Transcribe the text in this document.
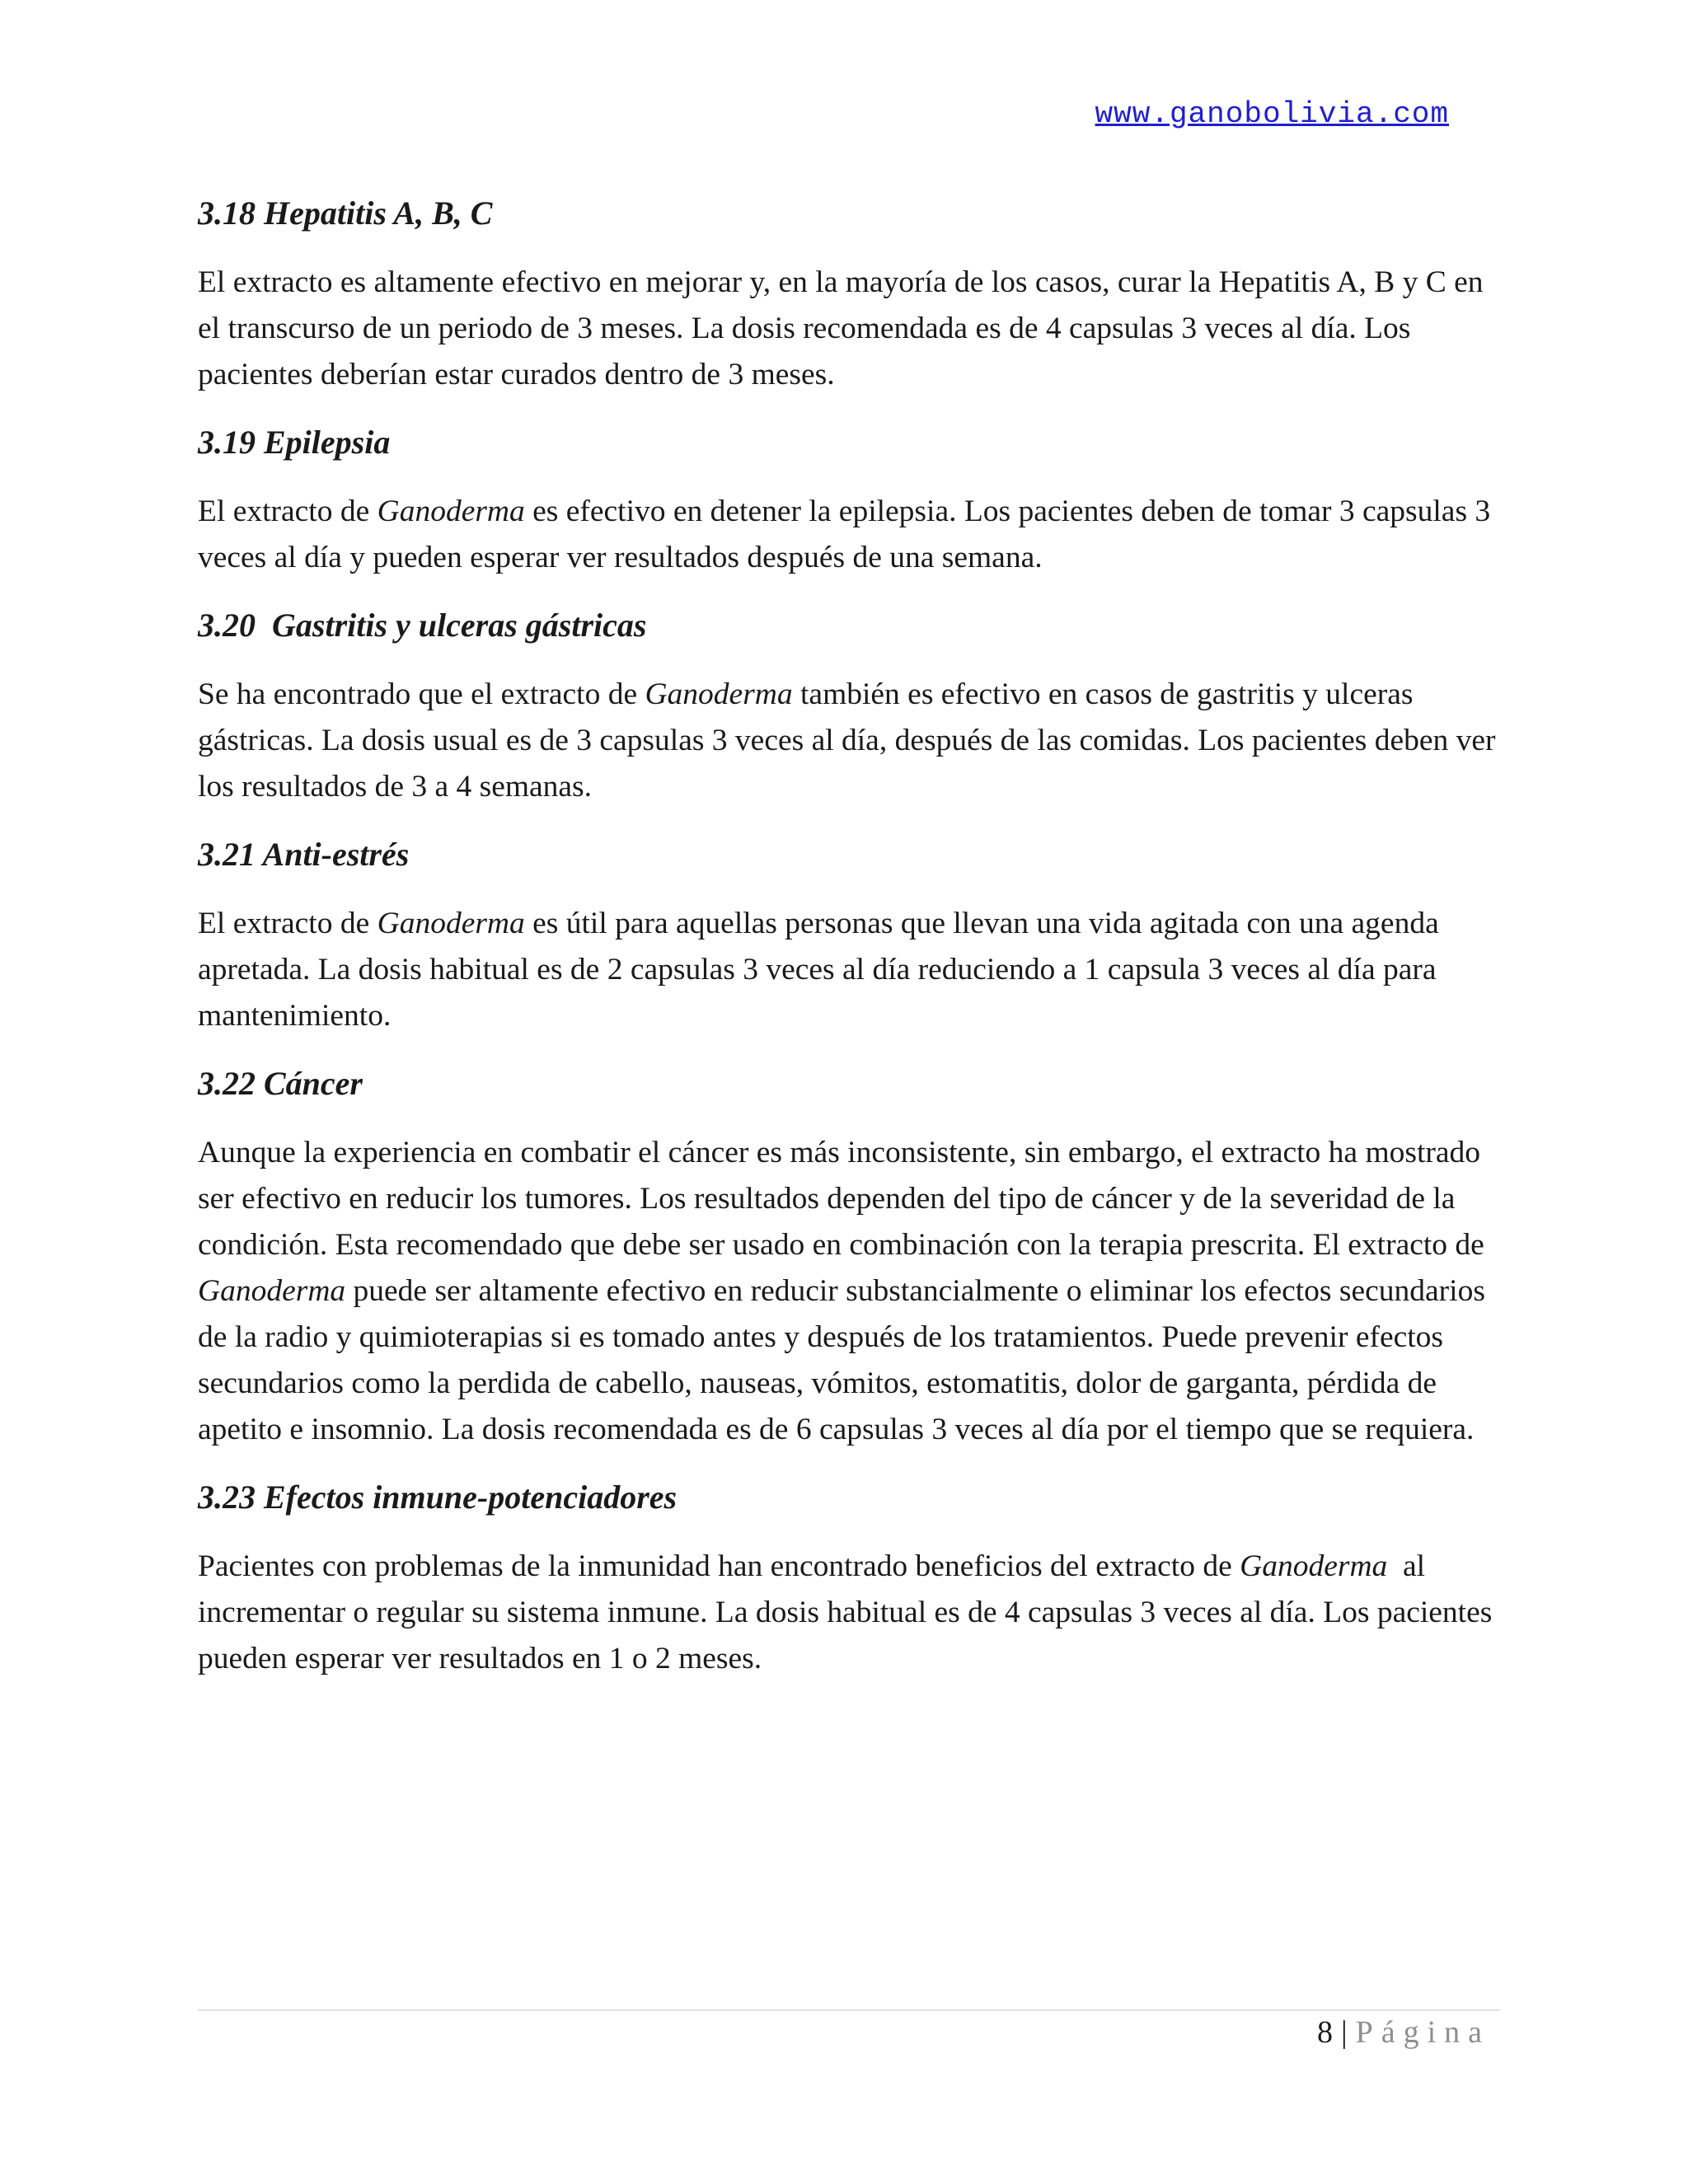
www.ganobolivia.com
3.18 Hepatitis A, B, C

El extracto es altamente efectivo en mejorar y, en la mayoría de los casos, curar la Hepatitis A, B y C en el transcurso de un periodo de 3 meses. La dosis recomendada es de 4 capsulas 3 veces al día. Los pacientes deberían estar curados dentro de 3 meses.

3.19 Epilepsia

El extracto de Ganoderma es efectivo en detener la epilepsia. Los pacientes deben de tomar 3 capsulas 3 veces al día y pueden esperar ver resultados después de una semana.

3.20  Gastritis y ulceras gástricas

Se ha encontrado que el extracto de Ganoderma también es efectivo en casos de gastritis y ulceras gástricas. La dosis usual es de 3 capsulas 3 veces al día, después de las comidas. Los pacientes deben ver los resultados de 3 a 4 semanas.

3.21 Anti-estrés

El extracto de Ganoderma es útil para aquellas personas que llevan una vida agitada con una agenda apretada. La dosis habitual es de 2 capsulas 3 veces al día reduciendo a 1 capsula 3 veces al día para mantenimiento.

3.22 Cáncer

Aunque la experiencia en combatir el cáncer es más inconsistente, sin embargo, el extracto ha mostrado ser efectivo en reducir los tumores. Los resultados dependen del tipo de cáncer y de la severidad de la condición. Esta recomendado que debe ser usado en combinación con la terapia prescrita. El extracto de Ganoderma puede ser altamente efectivo en reducir substancialmente o eliminar los efectos secundarios de la radio y quimioterapias si es tomado antes y después de los tratamientos. Puede prevenir efectos secundarios como la perdida de cabello, nauseas, vómitos, estomatitis, dolor de garganta, pérdida de apetito e insomnio. La dosis recomendada es de 6 capsulas 3 veces al día por el tiempo que se requiera.

3.23 Efectos inmune-potenciadores

Pacientes con problemas de la inmunidad han encontrado beneficios del extracto de Ganoderma  al incrementar o regular su sistema inmune. La dosis habitual es de 4 capsulas 3 veces al día. Los pacientes pueden esperar ver resultados en 1 o 2 meses.

8 | Página
